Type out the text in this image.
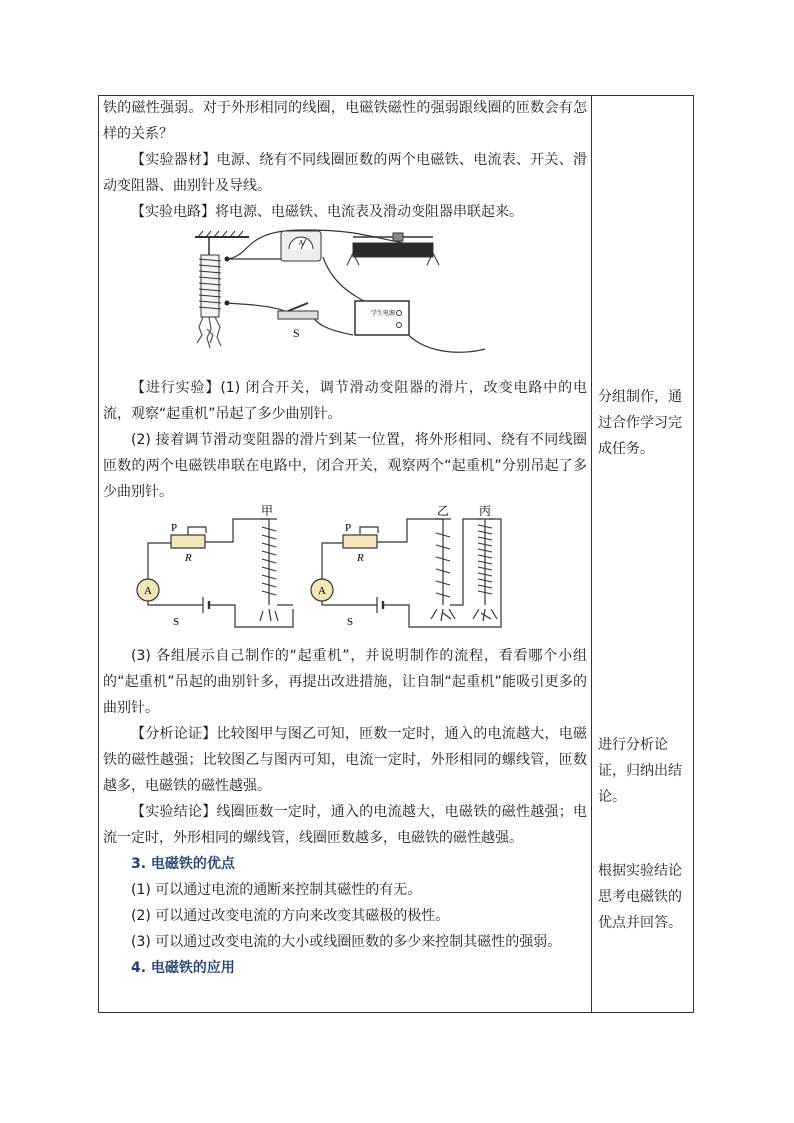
铁的磁性强弱。对于外形相同的线圈，电磁铁磁性的强弱跟线圈的匝数会有怎样的关系？

【实验器材】电源、绕有不同线圈匝数的两个电磁铁、电流表、开关、滑动变阻器、曲别针及导线。

【实验电路】将电源、电磁铁、电流表及滑动变阻器串联起来。

A
S
学生电源

【进行实验】(1) 闭合开关，调节滑动变阻器的滑片，改变电路中的电流，观察“起重机”吊起了多少曲别针。

(2) 接着调节滑动变阻器的滑片到某一位置，将外形相同、绕有不同线圈匝数的两个电磁铁串联在电路中，闭合开关，观察两个“起重机”分别吊起了多少曲别针。

A
P
R
S
甲
A
P
R
S
乙 丙

(3) 各组展示自己制作的“起重机”，并说明制作的流程，看看哪个小组的“起重机”吊起的曲别针多，再提出改进措施，让自制“起重机”能吸引更多的曲别针。

【分析论证】比较图甲与图乙可知，匝数一定时，通入的电流越大，电磁铁的磁性越强；比较图乙与图丙可知，电流一定时，外形相同的螺线管，匝数越多，电磁铁的磁性越强。

【实验结论】线圈匝数一定时，通入的电流越大，电磁铁的磁性越强；电流一定时，外形相同的螺线管，线圈匝数越多，电磁铁的磁性越强。

3. 电磁铁的优点

(1) 可以通过电流的通断来控制其磁性的有无。

(2) 可以通过改变电流的方向来改变其磁极的极性。

(3) 可以通过改变电流的大小或线圈匝数的多少来控制其磁性的强弱。

4. 电磁铁的应用

分组制作，通过合作学习完成任务。
进行分析论证，归纳出结论。
根据实验结论思考电磁铁的优点并回答。
